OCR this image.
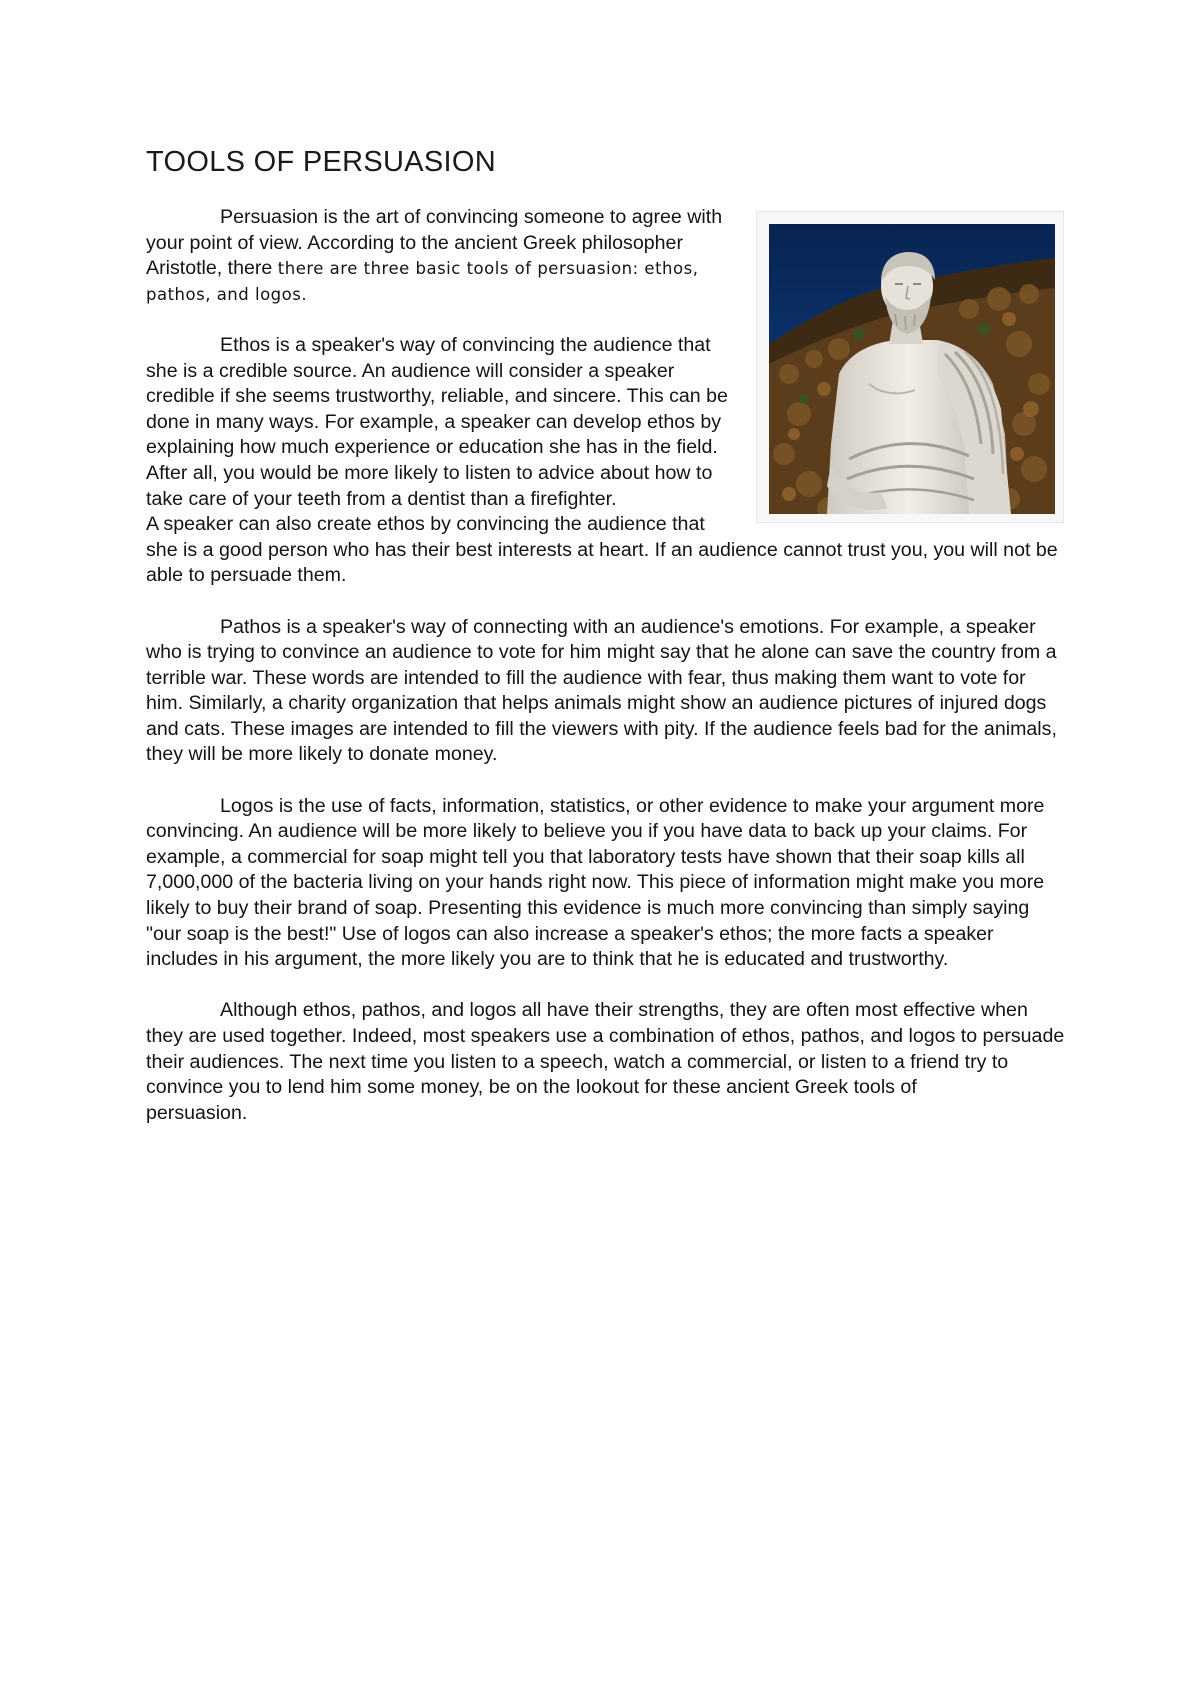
TOOLS OF PERSUASION

Persuasion is the art of convincing someone to agree with your point of view. According to the ancient Greek philosopher Aristotle, there there are three basic tools of persuasion: ethos, pathos, and logos.

Ethos is a speaker's way of convincing the audience that she is a credible source. An audience will consider a speaker credible if she seems trustworthy, reliable, and sincere. This can be done in many ways. For example, a speaker can develop ethos by explaining how much experience or education she has in the field. After all, you would be more likely to listen to advice about how to take care of your teeth from a dentist than a firefighter.

A speaker can also create ethos by convincing the audience that she is a good person who has their best interests at heart. If an audience cannot trust you, you will not be able to persuade them.

Pathos is a speaker's way of connecting with an audience's emotions. For example, a speaker who is trying to convince an audience to vote for him might say that he alone can save the country from a terrible war. These words are intended to fill the audience with fear, thus making them want to vote for him. Similarly, a charity organization that helps animals might show an audience pictures of injured dogs and cats. These images are intended to fill the viewers with pity. If the audience feels bad for the animals, they will be more likely to donate money.

Logos is the use of facts, information, statistics, or other evidence to make your argument more convincing. An audience will be more likely to believe you if you have data to back up your claims. For example, a commercial for soap might tell you that laboratory tests have shown that their soap kills all 7,000,000 of the bacteria living on your hands right now. This piece of information might make you more likely to buy their brand of soap. Presenting this evidence is much more convincing than simply saying "our soap is the best!" Use of logos can also increase a speaker's ethos; the more facts a speaker includes in his argument, the more likely you are to think that he is educated and trustworthy.

Although ethos, pathos, and logos all have their strengths, they are often most effective when they are used together. Indeed, most speakers use a combination of ethos, pathos, and logos to persuade their audiences. The next time you listen to a speech, watch a commercial, or listen to a friend try to convince you to lend him some money, be on the lookout for these ancient Greek tools of
persuasion.
